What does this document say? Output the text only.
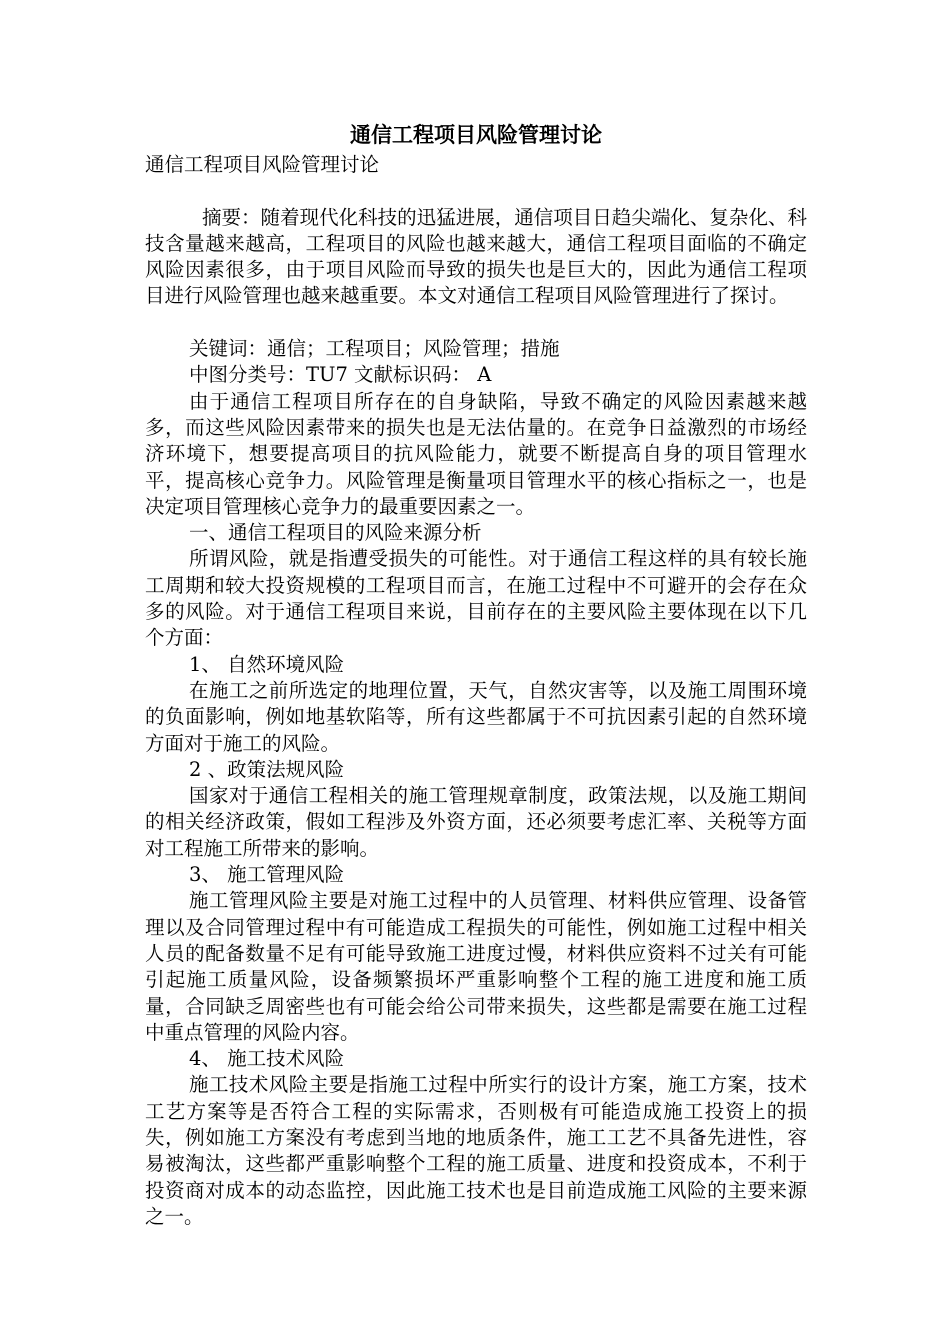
通信工程项目风险管理讨论

通信工程项目风险管理讨论

摘要：随着现代化科技的迅猛进展，通信项目日趋尖端化、复杂化、科技含量越来越高，工程项目的风险也越来越大，通信工程项目面临的不确定风险因素很多，由于项目风险而导致的损失也是巨大的，因此为通信工程项目进行风险管理也越来越重要。本文对通信工程项目风险管理进行了探讨。

关键词：通信；工程项目；风险管理；措施

中图分类号：TU7 文献标识码： A

由于通信工程项目所存在的自身缺陷，导致不确定的风险因素越来越多，而这些风险因素带来的损失也是无法估量的。在竞争日益激烈的市场经济环境下，想要提高项目的抗风险能力，就要不断提高自身的项目管理水平，提高核心竞争力。风险管理是衡量项目管理水平的核心指标之一，也是决定项目管理核心竞争力的最重要因素之一。

一、通信工程项目的风险来源分析

所谓风险，就是指遭受损失的可能性。对于通信工程这样的具有较长施工周期和较大投资规模的工程项目而言，在施工过程中不可避开的会存在众多的风险。对于通信工程项目来说，目前存在的主要风险主要体现在以下几个方面：

1、 自然环境风险

在施工之前所选定的地理位置，天气，自然灾害等，以及施工周围环境的负面影响，例如地基软陷等，所有这些都属于不可抗因素引起的自然环境方面对于施工的风险。

2 、政策法规风险

国家对于通信工程相关的施工管理规章制度，政策法规，以及施工期间的相关经济政策，假如工程涉及外资方面，还必须要考虑汇率、关税等方面对工程施工所带来的影响。

3、 施工管理风险

施工管理风险主要是对施工过程中的人员管理、材料供应管理、设备管理以及合同管理过程中有可能造成工程损失的可能性，例如施工过程中相关人员的配备数量不足有可能导致施工进度过慢，材料供应资料不过关有可能引起施工质量风险，设备频繁损坏严重影响整个工程的施工进度和施工质量，合同缺乏周密些也有可能会给公司带来损失，这些都是需要在施工过程中重点管理的风险内容。

4、 施工技术风险

施工技术风险主要是指施工过程中所实行的设计方案，施工方案，技术工艺方案等是否符合工程的实际需求，否则极有可能造成施工投资上的损失，例如施工方案没有考虑到当地的地质条件，施工工艺不具备先进性，容易被淘汰，这些都严重影响整个工程的施工质量、进度和投资成本，不利于投资商对成本的动态监控，因此施工技术也是目前造成施工风险的主要来源之一。
